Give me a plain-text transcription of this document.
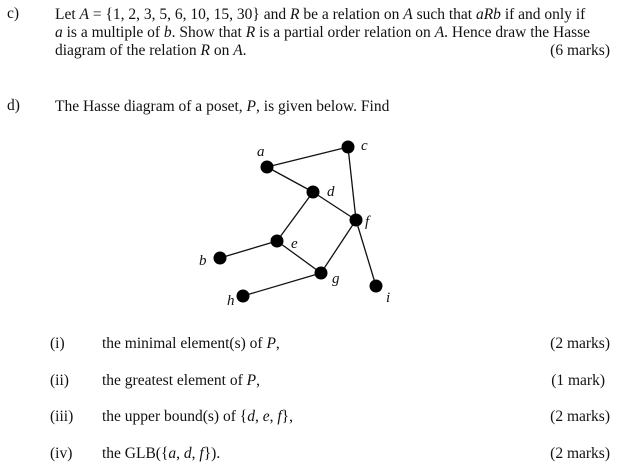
c) Let A = {1, 2, 3, 5, 6, 10, 15, 30} and R be a relation on A such that aRb if and only if
a is a multiple of b. Show that R is a partial order relation on A. Hence draw the Hasse
diagram of the relation R on A.	(6 marks)
d) The Hasse diagram of a poset, P, is given below. Find
a
b
c
d
e
f
g
h	i
(i) the minimal element(s) of P,	(2 marks)
(ii) the greatest element of P,	(1 mark)
(iii) the upper bound(s) of {d, e, f},	(2 marks)
(iv) the GLB({a, d, f}).	(2 marks)
